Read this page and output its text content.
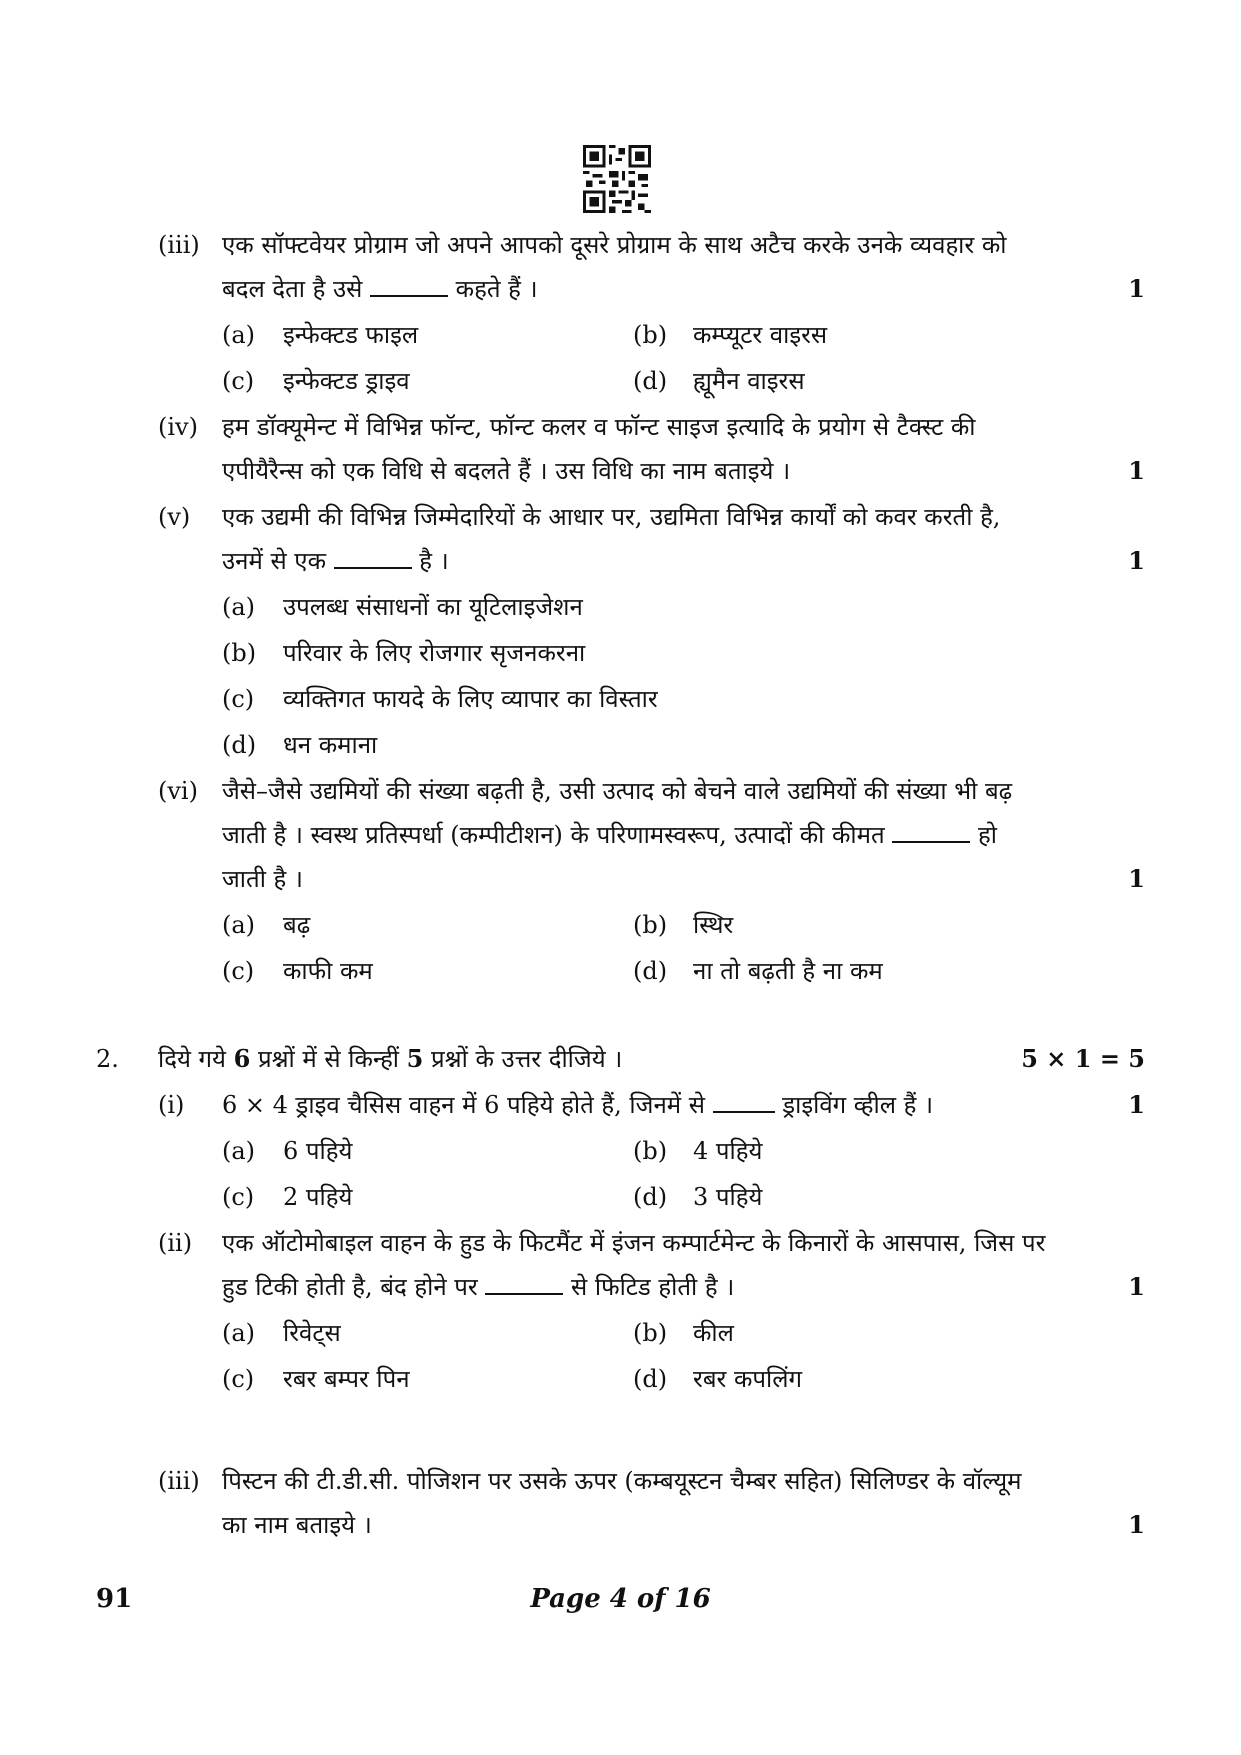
(iii) एक सॉफ्टवेयर प्रोग्राम जो अपने आपको दूसरे प्रोग्राम के साथ अटैच करके उनके व्यवहार को
बदल देता है उसे	कहते हैं ।	1
(a) इन्फेक्टड फाइल	(b) कम्प्यूटर वाइरस
(c) इन्फेक्टड ड्राइव	(d) ह्यूमैन वाइरस
(iv) हम डॉक्यूमेन्ट में विभिन्न फॉन्ट, फॉन्ट कलर व फॉन्ट साइज इत्यादि के प्रयोग से टैक्स्ट की
एपीयैरैन्स को एक विधि से बदलते हैं । उस विधि का नाम बताइये ।	1
(v) एक उद्यमी की विभिन्न जिम्मेदारियों के आधार पर, उद्यमिता विभिन्न कार्यों को कवर करती है,
उनमें से एक	है ।	1
(a) उपलब्ध संसाधनों का यूटिलाइजेशन
(b) परिवार के लिए रोजगार सृजनकरना
(c) व्यक्तिगत फायदे के लिए व्यापार का विस्तार
(d) धन कमाना
(vi) जैसे–जैसे उद्यमियों की संख्या बढ़ती है, उसी उत्पाद को बेचने वाले उद्यमियों की संख्या भी बढ़
जाती है । स्वस्थ प्रतिस्पर्धा (कम्पीटीशन) के परिणामस्वरूप, उत्पादों की कीमत	हो
जाती है ।	1
(a) बढ़	(b) स्थिर
(c) काफी कम	(d) ना तो बढ़ती है ना कम
2. दिये गये 6 प्रश्नों में से किन्हीं 5 प्रश्नों के उत्तर दीजिये ।	5 × 1 = 5
(i) 6 × 4 ड्राइव चैसिस वाहन में 6 पहिये होते हैं, जिनमें से	ड्राइविंग व्हील हैं ।	1
(a) 6 पहिये	(b) 4 पहिये
(c) 2 पहिये	(d) 3 पहिये
(ii) एक ऑटोमोबाइल वाहन के हुड के फिटमैंट में इंजन कम्पार्टमेन्ट के किनारों के आसपास, जिस पर
हुड टिकी होती है, बंद होने पर	से फिटिड होती है ।	1
(a) रिवेट्स	(b) कील
(c) रबर बम्पर पिन	(d) रबर कपलिंग
(iii) पिस्टन की टी.डी.सी. पोजिशन पर उसके ऊपर (कम्बयूस्टन चैम्बर सहित) सिलिण्डर के वॉल्यूम
का नाम बताइये ।	1
91	Page 4 of 16
